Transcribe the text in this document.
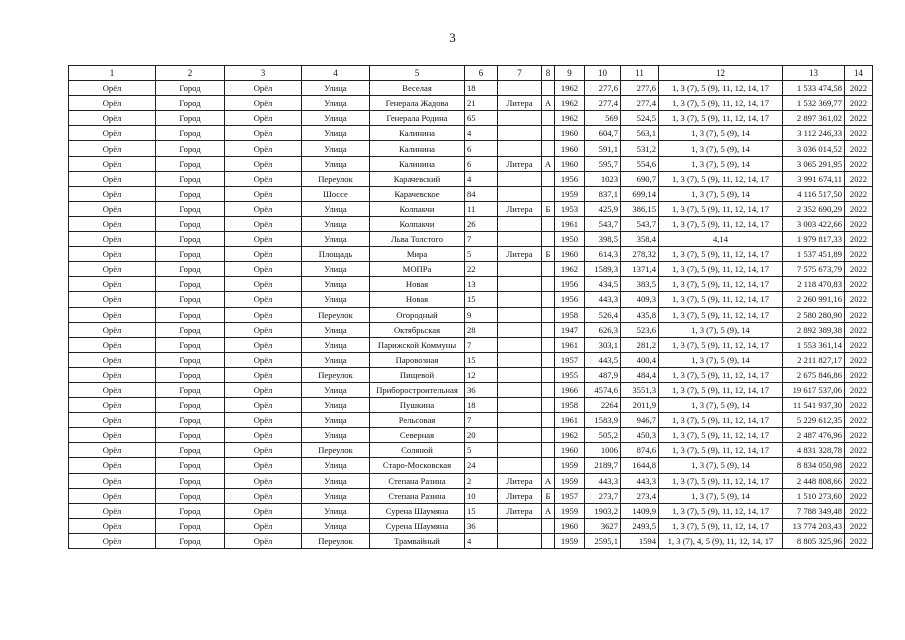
3
1	2	3	4	5	6	7	8	9	10	11	12	13	14
Орёл	Город	Орёл	Улица	Веселая	18			1962	277,6	277,6	1, 3 (7), 5 (9), 11, 12, 14, 17	1 533 474,58	2022
Орёл	Город	Орёл	Улица	Генерала Жадова	21	Литера	А	1962	277,4	277,4	1, 3 (7), 5 (9), 11, 12, 14, 17	1 532 369,77	2022
Орёл	Город	Орёл	Улица	Генерала Родина	65			1962	569	524,5	1, 3 (7), 5 (9), 11, 12, 14, 17	2 897 361,02	2022
Орёл	Город	Орёл	Улица	Калинина	4			1960	604,7	563,1	1, 3 (7), 5 (9), 14	3 112 246,33	2022
Орёл	Город	Орёл	Улица	Калинина	6			1960	591,1	531,2	1, 3 (7), 5 (9), 14	3 036 014,52	2022
Орёл	Город	Орёл	Улица	Калинина	6	Литера	А	1960	595,7	554,6	1, 3 (7), 5 (9), 14	3 065 291,95	2022
Орёл	Город	Орёл	Переулок	Карачевский	4			1956	1023	690,7	1, 3 (7), 5 (9), 11, 12, 14, 17	3 991 674,11	2022
Орёл	Город	Орёл	Шоссе	Карачевское	84			1959	837,1	699,14	1, 3 (7), 5 (9), 14	4 116 517,50	2022
Орёл	Город	Орёл	Улица	Колпакчи	11	Литера	Б	1953	425,9	386,15	1, 3 (7), 5 (9), 11, 12, 14, 17	2 352 690,29	2022
Орёл	Город	Орёл	Улица	Колпакчи	26			1961	543,7	543,7	1, 3 (7), 5 (9), 11, 12, 14, 17	3 003 422,66	2022
Орёл	Город	Орёл	Улица	Льва Толстого	7			1950	398,5	358,4	4,14	1 979 817,33	2022
Орёл	Город	Орёл	Площадь	Мира	5	Литера	Б	1960	614,3	278,32	1, 3 (7), 5 (9), 11, 12, 14, 17	1 537 451,89	2022
Орёл	Город	Орёл	Улица	МОПРа	22			1962	1589,3	1371,4	1, 3 (7), 5 (9), 11, 12, 14, 17	7 575 673,79	2022
Орёл	Город	Орёл	Улица	Новая	13			1956	434,5	383,5	1, 3 (7), 5 (9), 11, 12, 14, 17	2 118 470,83	2022
Орёл	Город	Орёл	Улица	Новая	15			1956	443,3	409,3	1, 3 (7), 5 (9), 11, 12, 14, 17	2 260 991,16	2022
Орёл	Город	Орёл	Переулок	Огородный	9			1958	526,4	435,8	1, 3 (7), 5 (9), 11, 12, 14, 17	2 580 280,90	2022
Орёл	Город	Орёл	Улица	Октябрьская	28			1947	626,3	523,6	1, 3 (7), 5 (9), 14	2 892 389,38	2022
Орёл	Город	Орёл	Улица	Парижской Коммуны	7			1961	303,1	281,2	1, 3 (7), 5 (9), 11, 12, 14, 17	1 553 361,14	2022
Орёл	Город	Орёл	Улица	Паровозная	15			1957	443,5	400,4	1, 3 (7), 5 (9), 14	2 211 827,17	2022
Орёл	Город	Орёл	Переулок	Пищевой	12			1955	487,9	484,4	1, 3 (7), 5 (9), 11, 12, 14, 17	2 675 846,86	2022
Орёл	Город	Орёл	Улица	Приборостроительная	36			1966	4574,6	3551,3	1, 3 (7), 5 (9), 11, 12, 14, 17	19 617 537,06	2022
Орёл	Город	Орёл	Улица	Пушкина	18			1958	2264	2011,9	1, 3 (7), 5 (9), 14	11 541 937,30	2022
Орёл	Город	Орёл	Улица	Рельсовая	7			1961	1583,9	946,7	1, 3 (7), 5 (9), 11, 12, 14, 17	5 229 612,35	2022
Орёл	Город	Орёл	Улица	Северная	20			1962	505,2	450,3	1, 3 (7), 5 (9), 11, 12, 14, 17	2 487 476,96	2022
Орёл	Город	Орёл	Переулок	Соляной	5			1960	1006	874,6	1, 3 (7), 5 (9), 11, 12, 14, 17	4 831 328,78	2022
Орёл	Город	Орёл	Улица	Старо-Московская	24			1959	2189,7	1644,8	1, 3 (7), 5 (9), 14	8 834 050,98	2022
Орёл	Город	Орёл	Улица	Степана Разина	2	Литера	А	1959	443,3	443,3	1, 3 (7), 5 (9), 11, 12, 14, 17	2 448 808,66	2022
Орёл	Город	Орёл	Улица	Степана Разина	10	Литера	Б	1957	273,7	273,4	1, 3 (7), 5 (9), 14	1 510 273,60	2022
Орёл	Город	Орёл	Улица	Сурена Шаумяна	15	Литера	А	1959	1903,2	1409,9	1, 3 (7), 5 (9), 11, 12, 14, 17	7 788 349,48	2022
Орёл	Город	Орёл	Улица	Сурена Шаумяна	36			1960	3627	2493,5	1, 3 (7), 5 (9), 11, 12, 14, 17	13 774 203,43	2022
Орёл	Город	Орёл	Переулок	Трамвайный	4			1959	2595,1	1594	1, 3 (7), 4, 5 (9), 11, 12, 14, 17	8 805 325,96	2022
